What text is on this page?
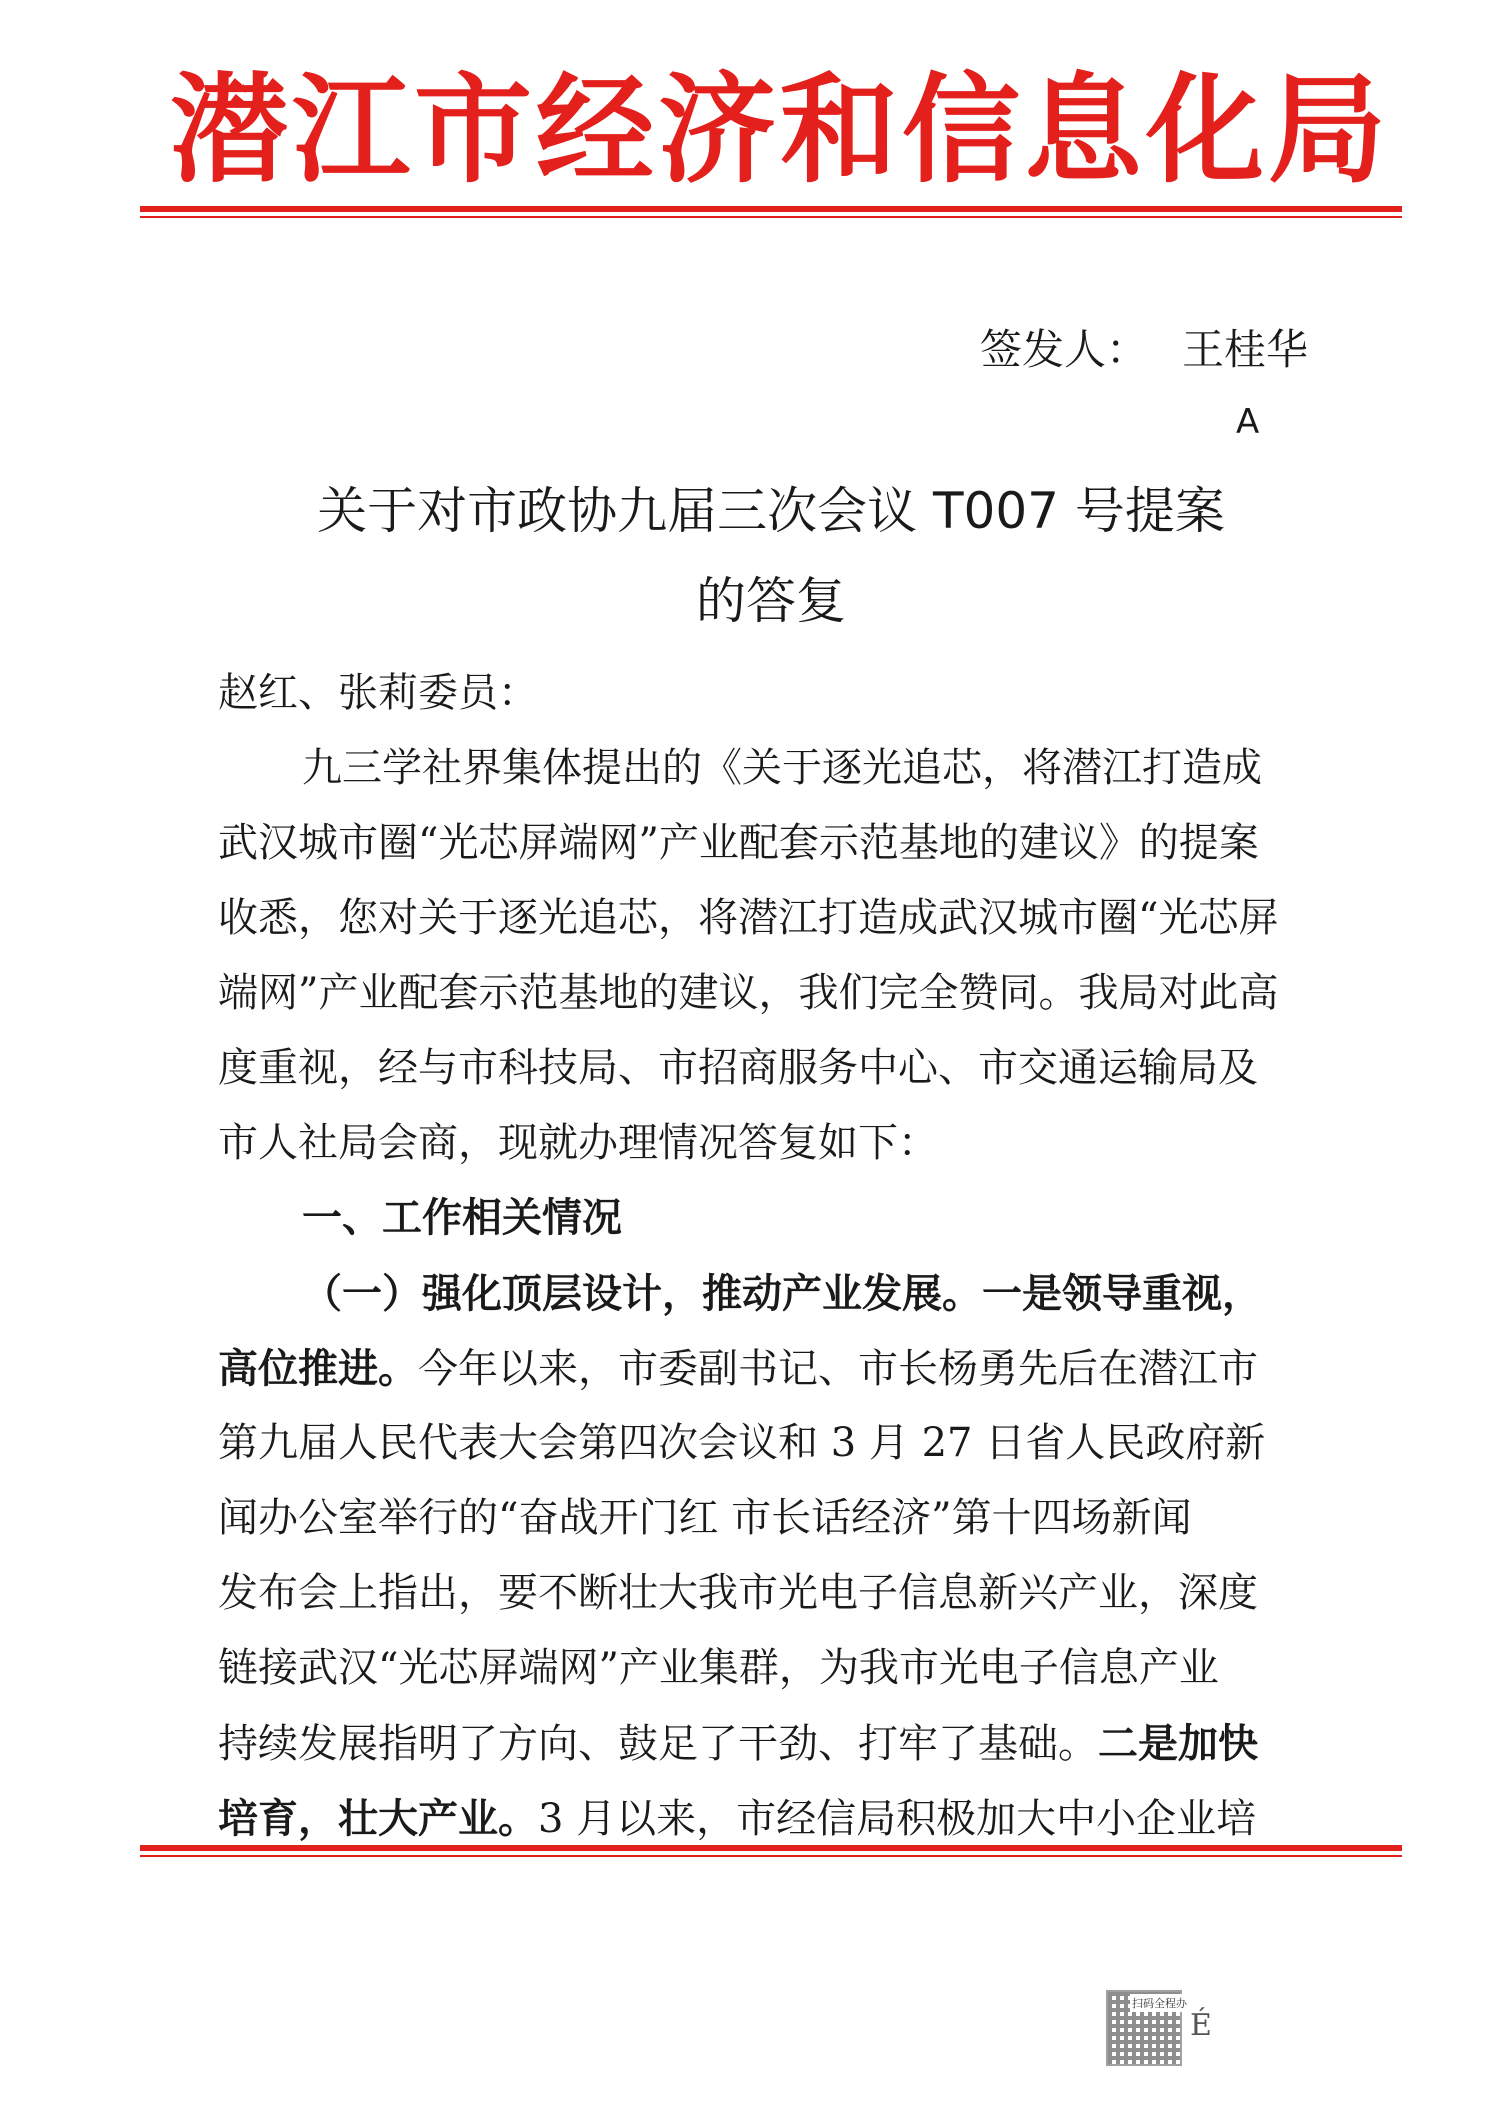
潜江市经济和信息化局
签发人： 王桂华
A
关于对市政协九届三次会议 T007 号提案
的答复
赵红、张莉委员：
九三学社界集体提出的《关于逐光追芯，将潜江打造成
武汉城市圈“光芯屏端网”产业配套示范基地的建议》的提案
收悉，您对关于逐光追芯，将潜江打造成武汉城市圈“光芯屏
端网”产业配套示范基地的建议，我们完全赞同。我局对此高
度重视，经与市科技局、市招商服务中心、市交通运输局及
市人社局会商，现就办理情况答复如下：
一、工作相关情况
（一）强化顶层设计，推动产业发展。一是领导重视，
高位推进。今年以来，市委副书记、市长杨勇先后在潜江市
第九届人民代表大会第四次会议和 3 月 27 日省人民政府新
闻办公室举行的“奋战开门红 市长话经济”第十四场新闻
发布会上指出，要不断壮大我市光电子信息新兴产业，深度
链接武汉“光芯屏端网”产业集群，为我市光电子信息产业
持续发展指明了方向、鼓足了干劲、打牢了基础。二是加快
培育，壮大产业。3 月以来，市经信局积极加大中小企业培
扫码全程办
É
